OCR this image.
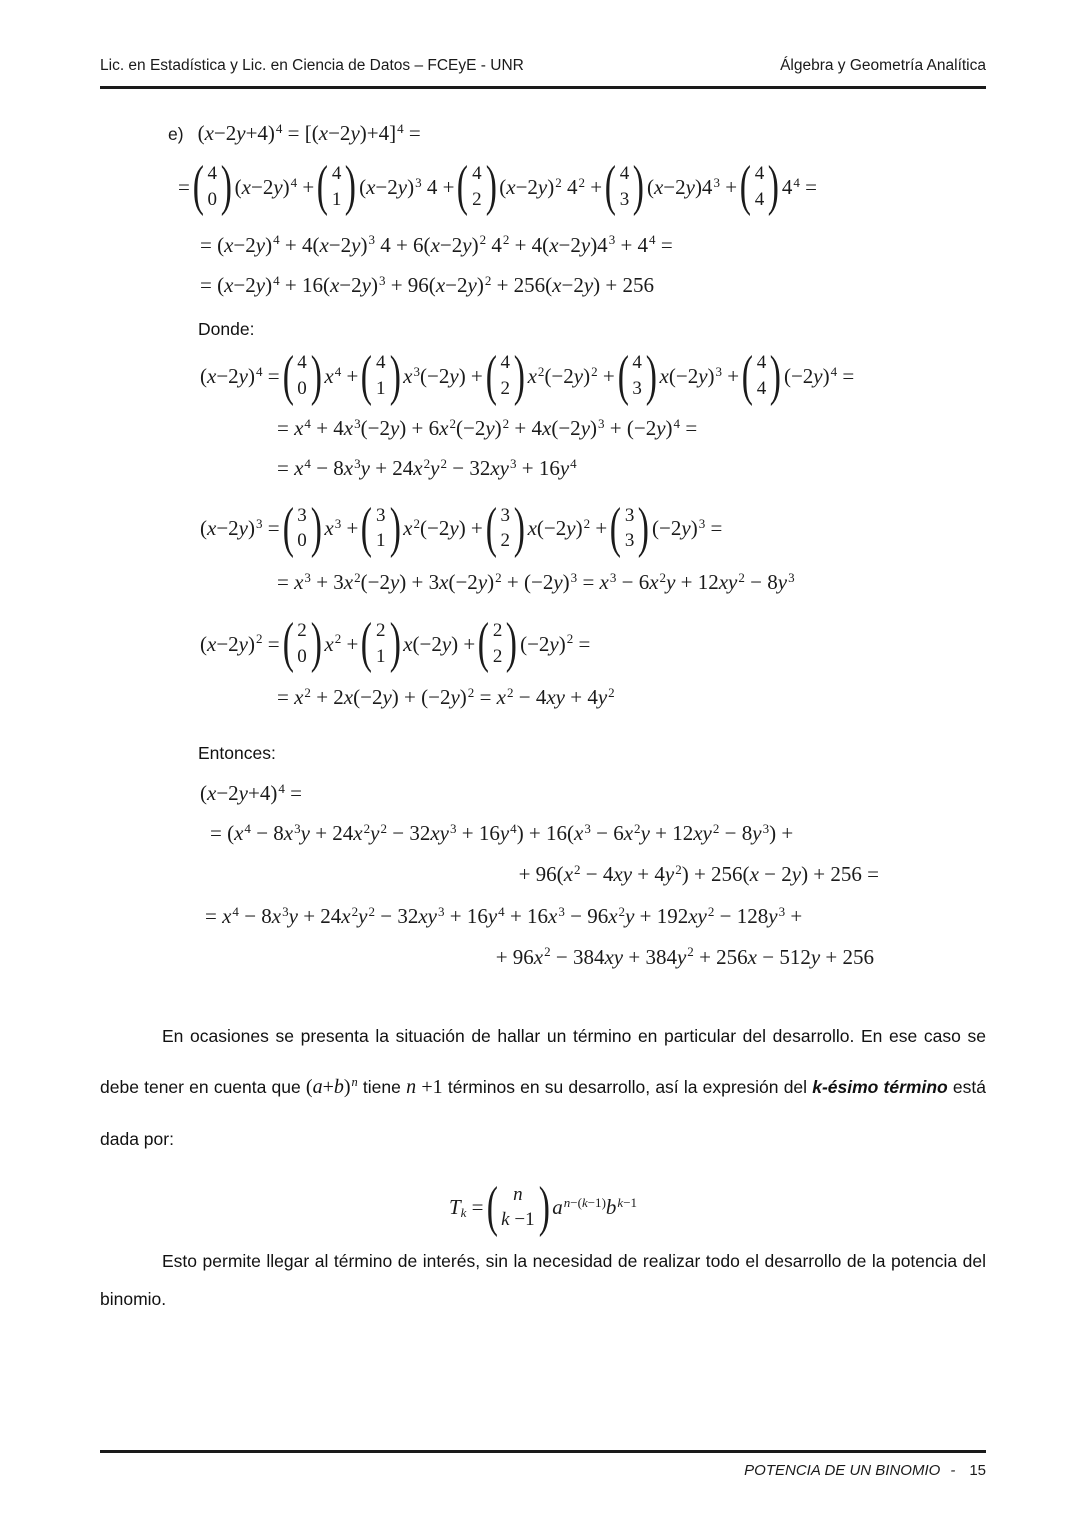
Lic. en Estadística y Lic. en Ciencia de Datos – FCEyE - UNR	Álgebra y Geometría Analítica
e) $(x-2y+4)^4 = [(x-2y)+4]^4$ =
= ( 4
0 ) $(x-2y)^4$ + ( 4
1 ) $(x-2y)^3$ 4 + ( 4
2 ) $(x-2y)^2$ $4^2$ + ( 4
3 ) $(x-2y)4^3$ + ( 4
4 ) $4^4$ =
= $(x-2y)^4 + 4(x-2y)^3$ $4 + 6(x-2y)^2$ $4^2 + 4(x-2y)4^3 + 4^4$ =
= $(x-2y)^4 + 16(x-2y)^3 + 96(x-2y)^2 + 256(x-2y) + 256$
Donde:
$(x-2y)^4$ = ( 4
0 ) $x^4$ + ( 4
1 ) $x^3(-2y)$ + ( 4
2 ) $x^2(-2y)^2$ + ( 4
3 ) $x(-2y)^3$ + ( 4
4 ) $(-2y)^4$ =
= $x^4 + 4x^3(-2y) + 6x^2(-2y)^2 + 4x(-2y)^3 + (-2y)^4$ =
= $x^4 - 8x^3y + 24x^2y^2 - 32xy^3 + 16y^4$
$(x-2y)^3$ = ( 3
0 ) $x^3$ + ( 3
1 ) $x^2(-2y)$ + ( 3
2 ) $x(-2y)^2$ + ( 3
3 ) $(-2y)^3$ =
= $x^3 + 3x^2(-2y) + 3x(-2y)^2 + (-2y)^3 = x^3 - 6x^2y + 12xy^2 - 8y^3$
$(x-2y)^2$ = ( 2
0 ) $x^2$ + ( 2
1 ) x(−2y) + ( 2
2 ) $(-2y)^2$ =
= $x^2 + 2x(-2y) + (-2y)^2 = x^2 - 4xy + 4y^2$
Entonces:
$(x-2y+4)^4$ =
= $(x^4 - 8x^3y + 24x^2y^2 - 32xy^3 + 16y^4) + 16(x^3 - 6x^2y + 12xy^2 - 8y^3)$ +
+ $96(x^2 - 4xy + 4y^2) + 256(x - 2y) + 256$ =
= $x^4 - 8x^3y + 24x^2y^2 - 32xy^3 + 16y^4 + 16x^3 - 96x^2y + 192xy^2 - 128y^3$ +
+ $96x^2 - 384xy + 384y^2 + 256x - 512y + 256$

En ocasiones se presenta la situación de hallar un término en particular del desarrollo. En ese caso se debe tener en cuenta que $(a+b)^n$ tiene n +1 términos en su desarrollo, así la expresión del k-ésimo término está dada por:

$T_k$ = ( n
k −1 ) $a^{n-(k-1)}b^{k-1}$

Esto permite llegar al término de interés, sin la necesidad de realizar todo el desarrollo de la potencia del binomio.

POTENCIA DE UN BINOMIO - 15
